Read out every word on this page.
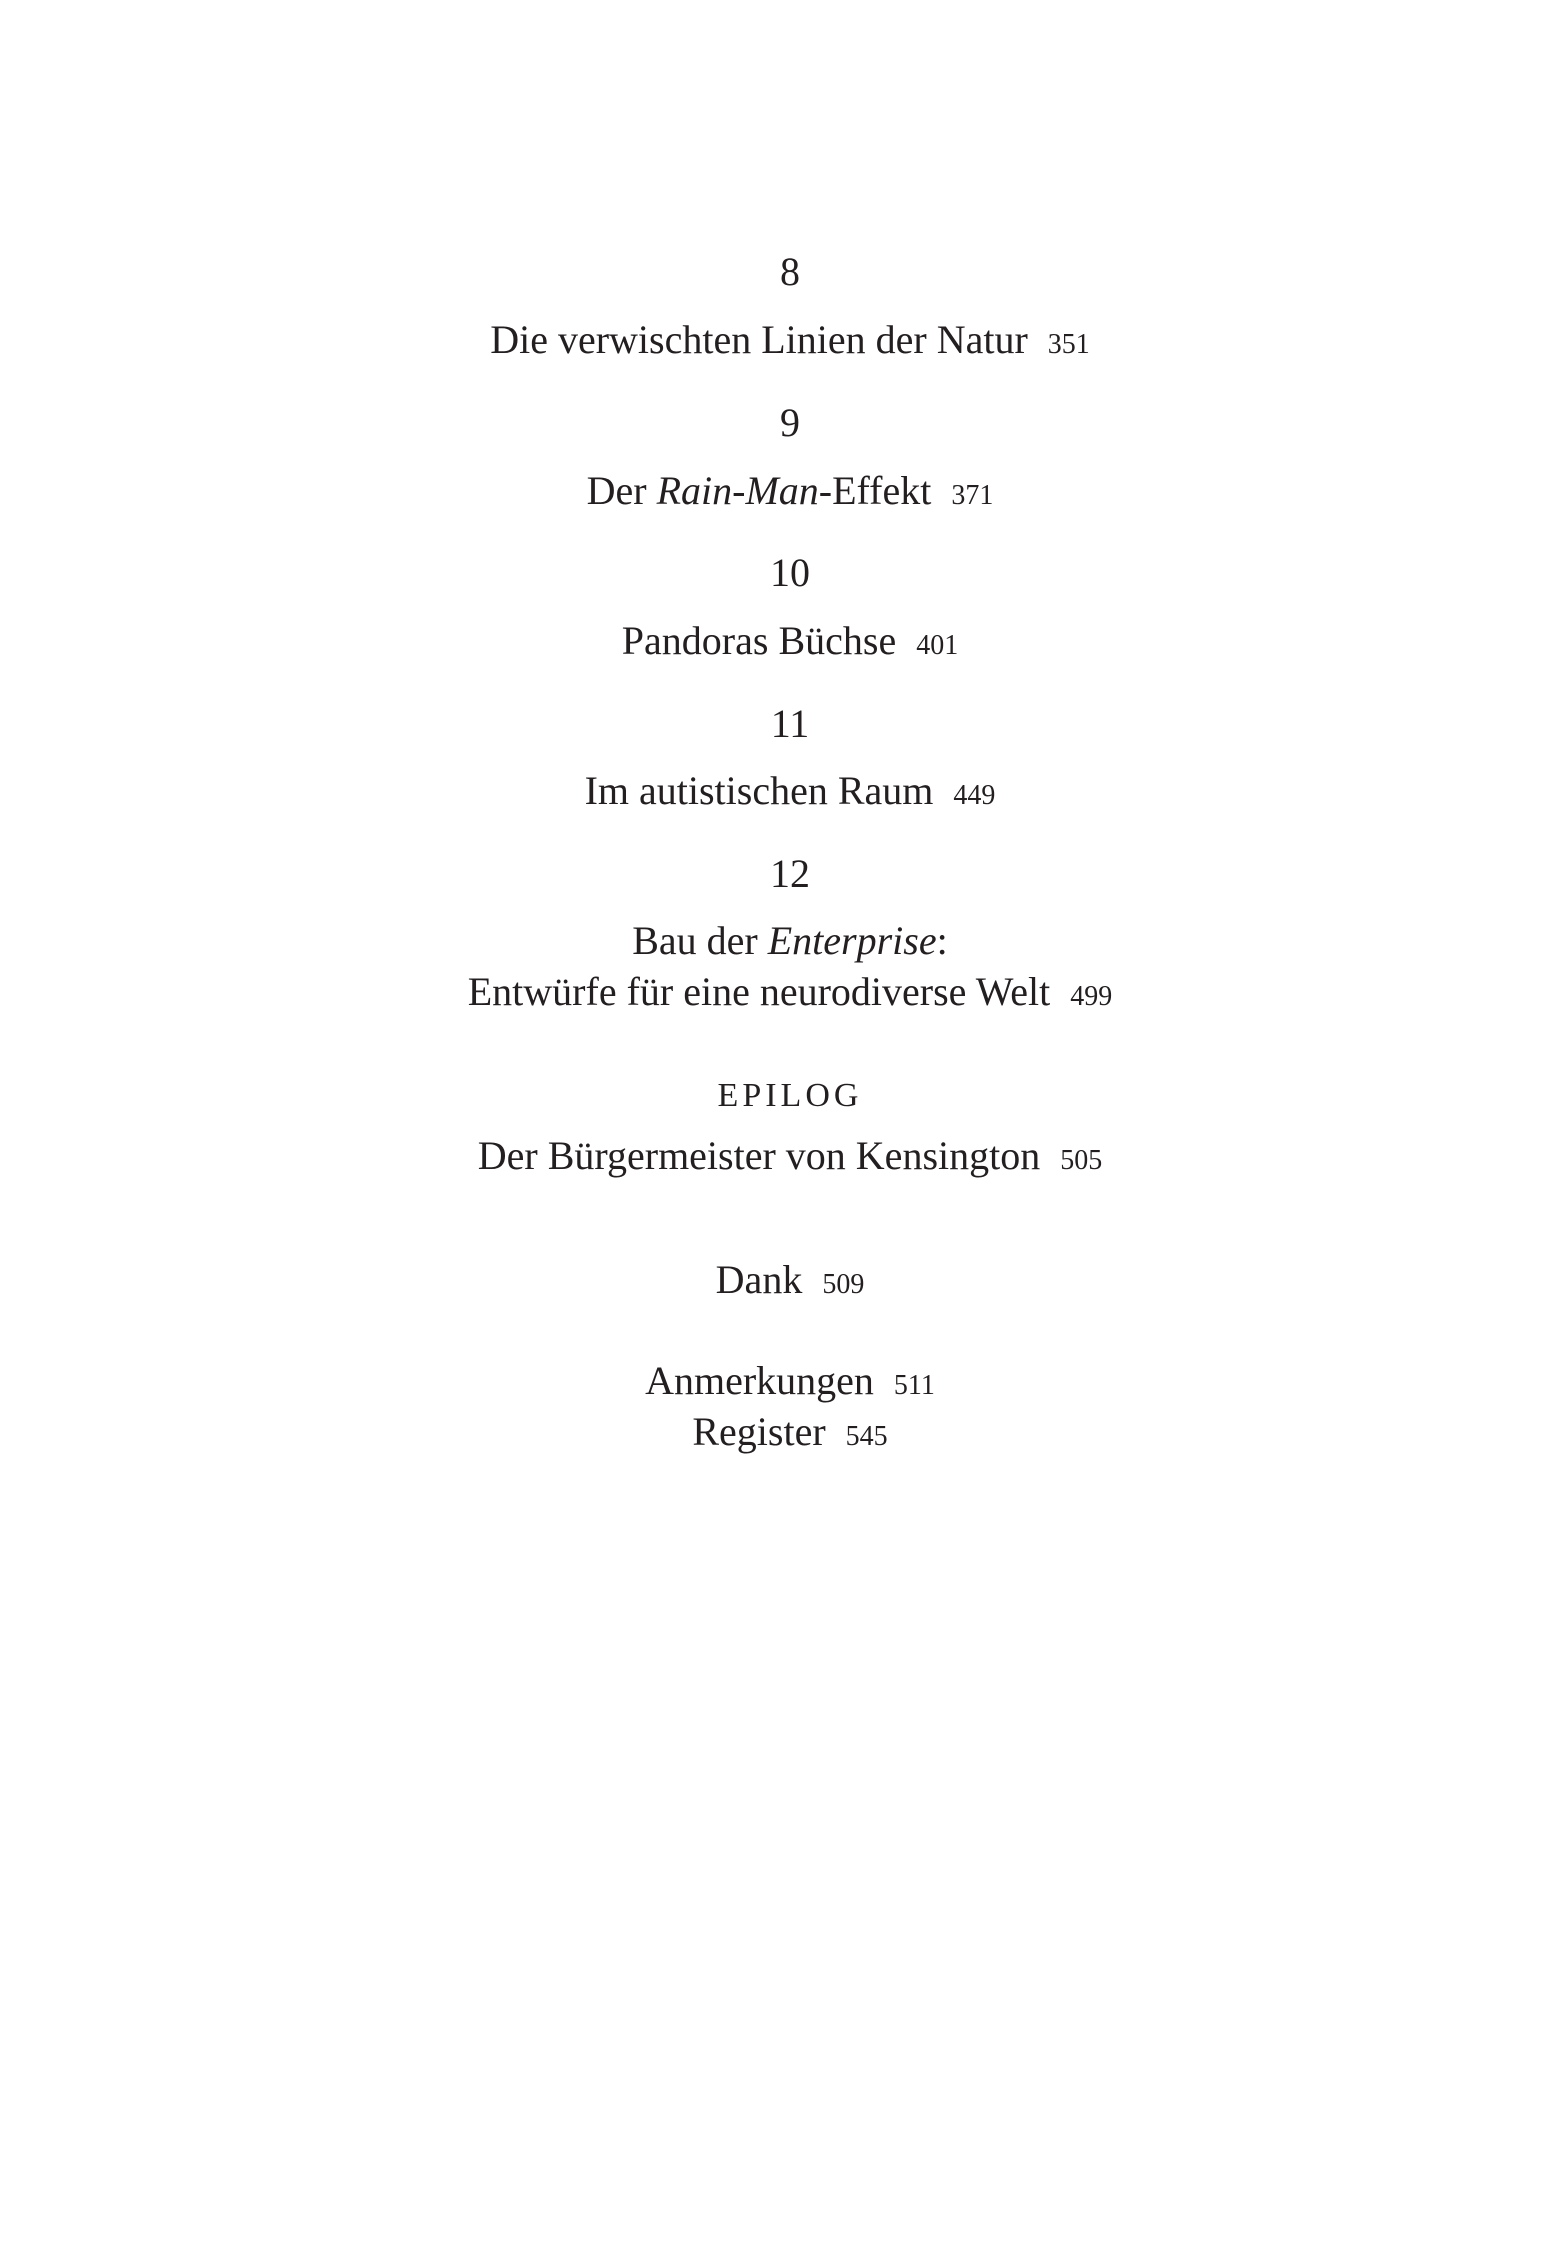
8
Die verwischten Linien der Natur 351
9
Der Rain-Man-Effekt 371
10
Pandoras Büchse 401
11
Im autistischen Raum 449
12
Bau der Enterprise:
Entwürfe für eine neurodiverse Welt 499
EPILOG
Der Bürgermeister von Kensington 505
Dank 509
Anmerkungen 511
Register 545
